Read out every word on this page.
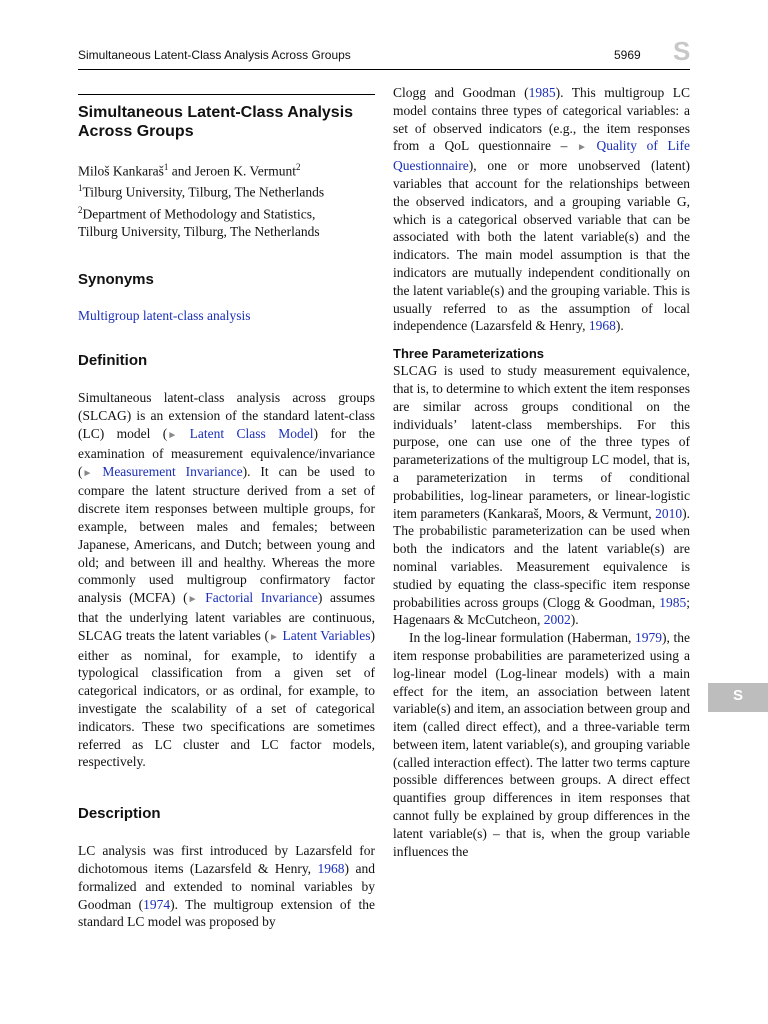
Simultaneous Latent-Class Analysis Across Groups	5969 S
Simultaneous Latent-Class Analysis
Across Groups
Miloš Kankaraš$^1$ and Jeroen K. Vermunt$^2$
$^1$Tilburg University, Tilburg, The Netherlands
$^2$Department of Methodology and Statistics,
Tilburg University, Tilburg, The Netherlands
Synonyms

Multigroup latent-class analysis

Definition

Simultaneous latent-class analysis across groups (SLCAG) is an extension of the standard latent-class (LC) model (► Latent Class Model) for the examination of measurement equivalence/invariance (► Measurement Invariance). It can be used to compare the latent structure derived from a set of discrete item responses between multiple groups, for example, between males and females; between Japanese, Americans, and Dutch; between young and old; and between ill and healthy. Whereas the more commonly used multigroup confirmatory factor analysis (MCFA) (► Factorial Invariance) assumes that the underlying latent variables are continuous, SLCAG treats the latent variables (► Latent Variables) either as nominal, for example, to identify a typological classification from a given set of categorical indicators, or as ordinal, for example, to investigate the scalability of a set of categorical indicators. These two specifications are sometimes referred as LC cluster and LC factor models, respectively.

Description

LC analysis was first introduced by Lazarsfeld for dichotomous items (Lazarsfeld & Henry, 1968) and formalized and extended to nominal variables by Goodman (1974). The multigroup extension of the standard LC model was proposed by

Clogg and Goodman (1985). This multigroup LC model contains three types of categorical variables: a set of observed indicators (e.g., the item responses from a QoL questionnaire – ► Quality of Life Questionnaire), one or more unobserved (latent) variables that account for the relationships between the observed indicators, and a grouping variable G, which is a categorical observed variable that can be associated with both the latent variable(s) and the indicators. The main model assumption is that the indicators are mutually independent conditionally on the latent variable(s) and the grouping variable. This is usually referred to as the assumption of local independence (Lazarsfeld & Henry, 1968).

Three Parameterizations

SLCAG is used to study measurement equivalence, that is, to determine to which extent the item responses are similar across groups conditional on the individuals’ latent-class memberships. For this purpose, one can use one of the three types of parameterizations of the multigroup LC model, that is, a parameterization in terms of conditional probabilities, log-linear parameters, or linear-logistic item parameters (Kankaraš, Moors, & Vermunt, 2010). The probabilistic parameterization can be used when both the indicators and the latent variable(s) are nominal variables. Measurement equivalence is studied by equating the class-specific item response probabilities across groups (Clogg & Goodman, 1985; Hagenaars & McCutcheon, 2002).

In the log-linear formulation (Haberman, 1979), the item response probabilities are parameterized using a log-linear model (Log-linear models) with a main effect for the item, an association between latent variable(s) and item, an association between group and item (called direct effect), and a three-variable term between item, latent variable(s), and grouping variable (called interaction effect). The latter two terms capture possible differences between groups. A direct effect quantifies group differences in item responses that cannot fully be explained by group differences in the latent variable(s) – that is, when the group variable influences the

S
